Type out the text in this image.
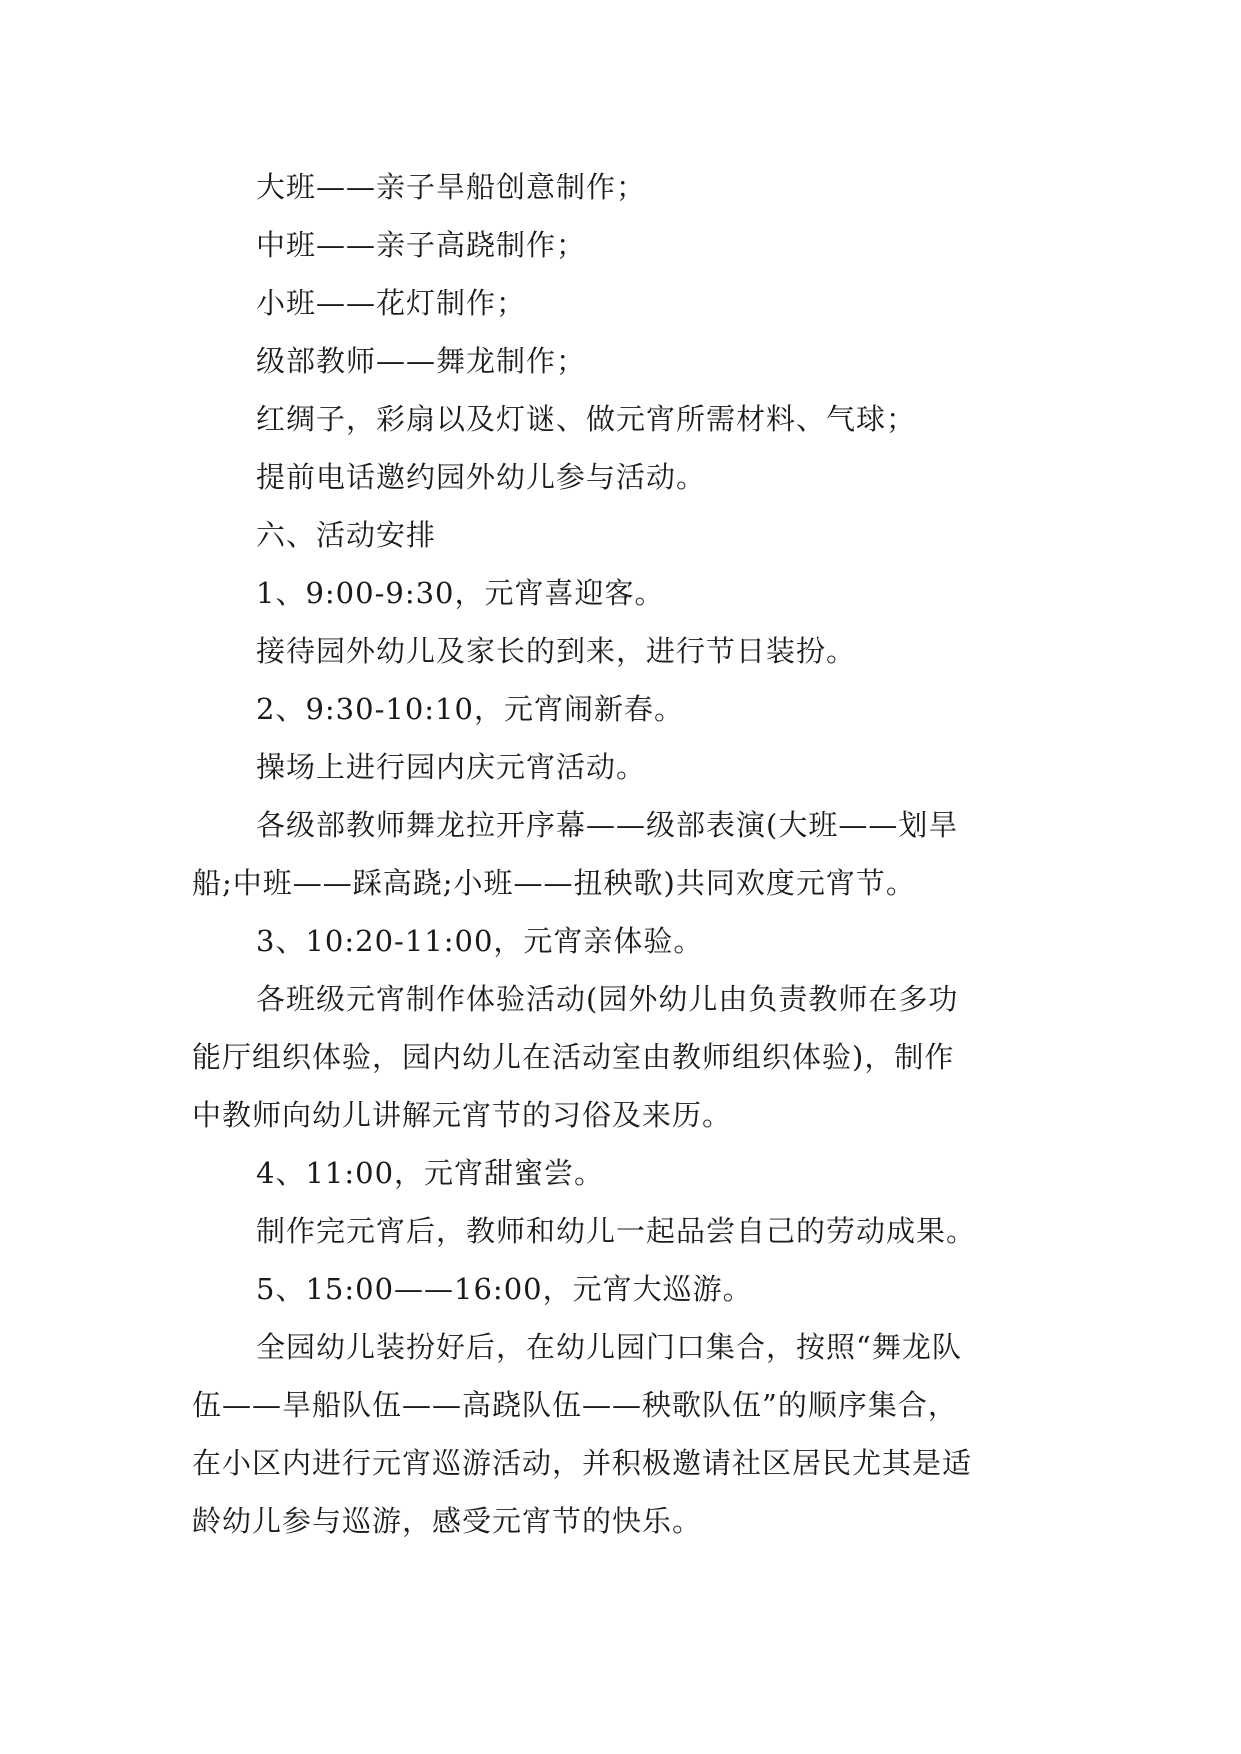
大班——亲子旱船创意制作；
中班——亲子高跷制作；
小班——花灯制作；
级部教师——舞龙制作；
红绸子，彩扇以及灯谜、做元宵所需材料、气球；
提前电话邀约园外幼儿参与活动。
六、活动安排
1、9:00-9:30，元宵喜迎客。
接待园外幼儿及家长的到来，进行节日装扮。
2、9:30-10:10，元宵闹新春。
操场上进行园内庆元宵活动。
各级部教师舞龙拉开序幕——级部表演(大班——划旱
船;中班——踩高跷;小班——扭秧歌)共同欢度元宵节。
3、10:20-11:00，元宵亲体验。
各班级元宵制作体验活动(园外幼儿由负责教师在多功
能厅组织体验，园内幼儿在活动室由教师组织体验)，制作
中教师向幼儿讲解元宵节的习俗及来历。
4、11:00，元宵甜蜜尝。
制作完元宵后，教师和幼儿一起品尝自己的劳动成果。
5、15:00——16:00，元宵大巡游。
全园幼儿装扮好后，在幼儿园门口集合，按照“舞龙队
伍——旱船队伍——高跷队伍——秧歌队伍”的顺序集合，
在小区内进行元宵巡游活动，并积极邀请社区居民尤其是适
龄幼儿参与巡游，感受元宵节的快乐。
